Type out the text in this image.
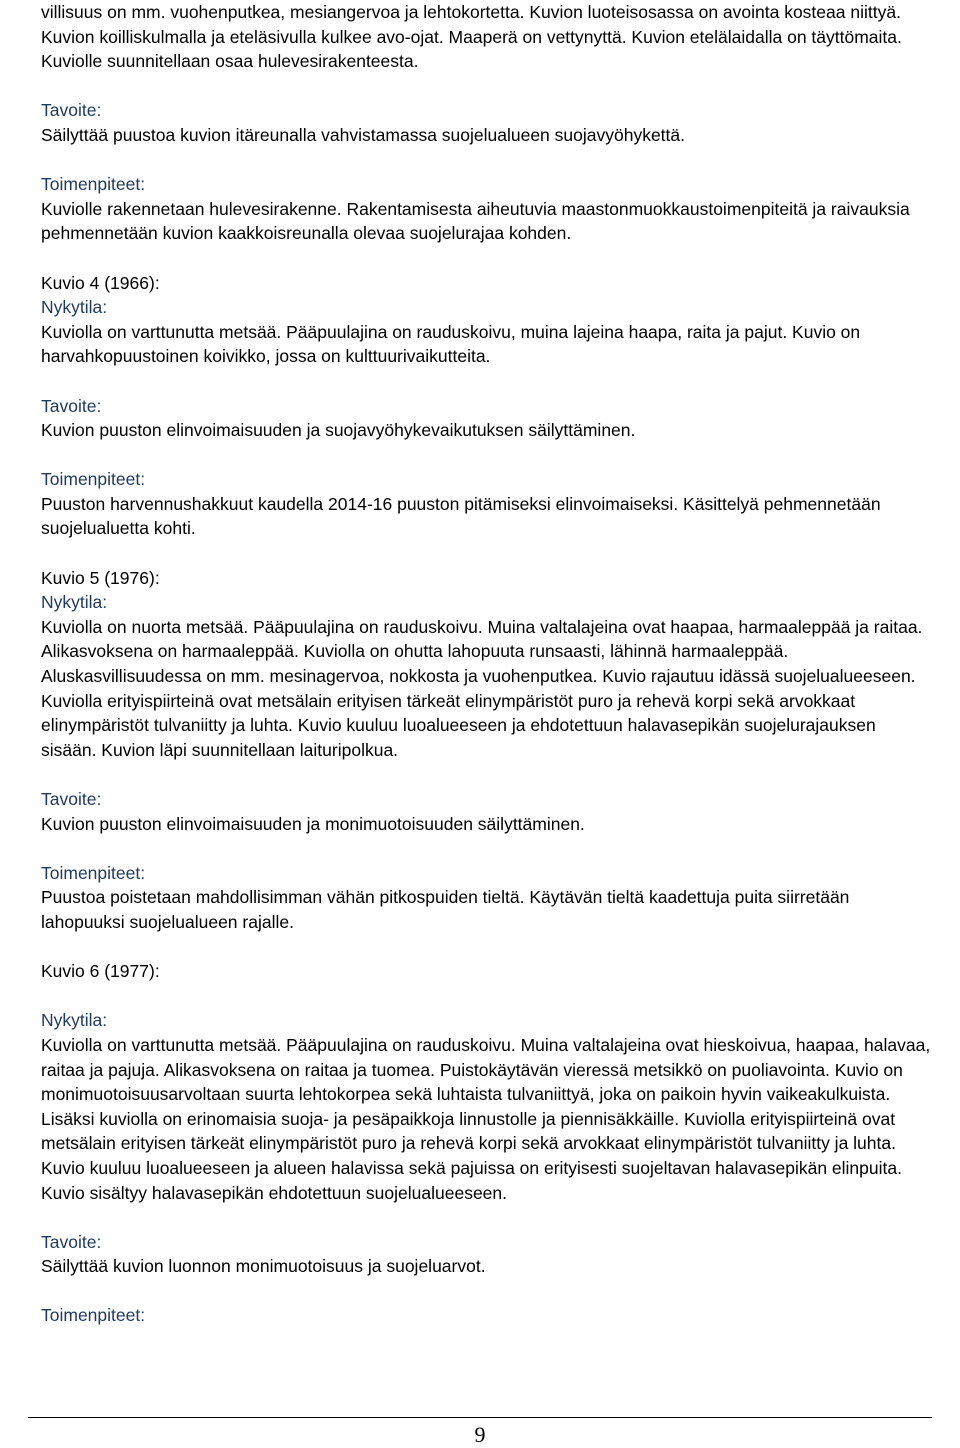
villisuus on mm. vuohenputkea, mesiangervoa ja lehtokortetta. Kuvion luoteisosassa on avointa kosteaa niittyä. Kuvion koilliskulmalla ja eteläsivulla kulkee avo-ojat. Maaperä on vettynyttä. Kuvion etelälaidalla on täyttömaita. Kuviolle suunnitellaan osaa hulevesirakenteesta.

Tavoite:

Säilyttää puustoa kuvion itäreunalla vahvistamassa suojelualueen suojavyöhykettä.

Toimenpiteet:

Kuviolle rakennetaan hulevesirakenne. Rakentamisesta aiheutuvia maastonmuokkaustoimenpiteitä ja raivauksia pehmennetään kuvion kaakkoisreunalla olevaa suojelurajaa kohden.

Kuvio 4 (1966):
Nykytila:

Kuviolla on varttunutta metsää. Pääpuulajina on rauduskoivu, muina lajeina haapa, raita ja pajut. Kuvio on harvahkopuustoinen koivikko, jossa on kulttuurivaikutteita.

Tavoite:

Kuvion puuston elinvoimaisuuden ja suojavyöhykevaikutuksen säilyttäminen.

Toimenpiteet:

Puuston harvennushakkuut kaudella 2014-16 puuston pitämiseksi elinvoimaiseksi. Käsittelyä pehmennetään suojelualuetta kohti.

Kuvio 5 (1976):
Nykytila:

Kuviolla on nuorta metsää. Pääpuulajina on rauduskoivu. Muina valtalajeina ovat haapaa, harmaaleppää ja raitaa. Alikasvoksena on harmaaleppää. Kuviolla on ohutta lahopuuta runsaasti, lähinnä harmaaleppää. Aluskasvillisuudessa on mm. mesinagervoa, nokkosta ja vuohenputkea. Kuvio rajautuu idässä suojelualueeseen. Kuviolla erityispiirteinä ovat metsälain erityisen tärkeät elinympäristöt puro ja rehevä korpi sekä arvokkaat elinympäristöt tulvaniitty ja luhta. Kuvio kuuluu luoalueeseen ja ehdotettuun halavasepikän suojelurajauksen sisään. Kuvion läpi suunnitellaan laituripolkua.

Tavoite:

Kuvion puuston elinvoimaisuuden ja monimuotoisuuden säilyttäminen.

Toimenpiteet:

Puustoa poistetaan mahdollisimman vähän pitkospuiden tieltä. Käytävän tieltä kaadettuja puita siirretään lahopuuksi suojelualueen rajalle.

Kuvio 6 (1977):
Nykytila:

Kuviolla on varttunutta metsää. Pääpuulajina on rauduskoivu. Muina valtalajeina ovat hieskoivua, haapaa, halavaa, raitaa ja pajuja. Alikasvoksena on raitaa ja tuomea. Puistokäytävän vieressä metsikkö on puoliavointa. Kuvio on monimuotoisuusarvoltaan suurta lehtokorpea sekä luhtaista tulvaniittyä, joka on paikoin hyvin vaikeakulkuista. Lisäksi kuviolla on erinomaisia suoja- ja pesäpaikkoja linnustolle ja piennisäkkäille. Kuviolla erityispiirteinä ovat metsälain erityisen tärkeät elinympäristöt puro ja rehevä korpi sekä arvokkaat elinympäristöt tulvaniitty ja luhta. Kuvio kuuluu luoalueeseen ja alueen halavissa sekä pajuissa on erityisesti suojeltavan halavasepikän elinpuita. Kuvio sisältyy halavasepikän ehdotettuun suojelualueeseen.

Tavoite:

Säilyttää kuvion luonnon monimuotoisuus ja suojeluarvot.

Toimenpiteet:
9
